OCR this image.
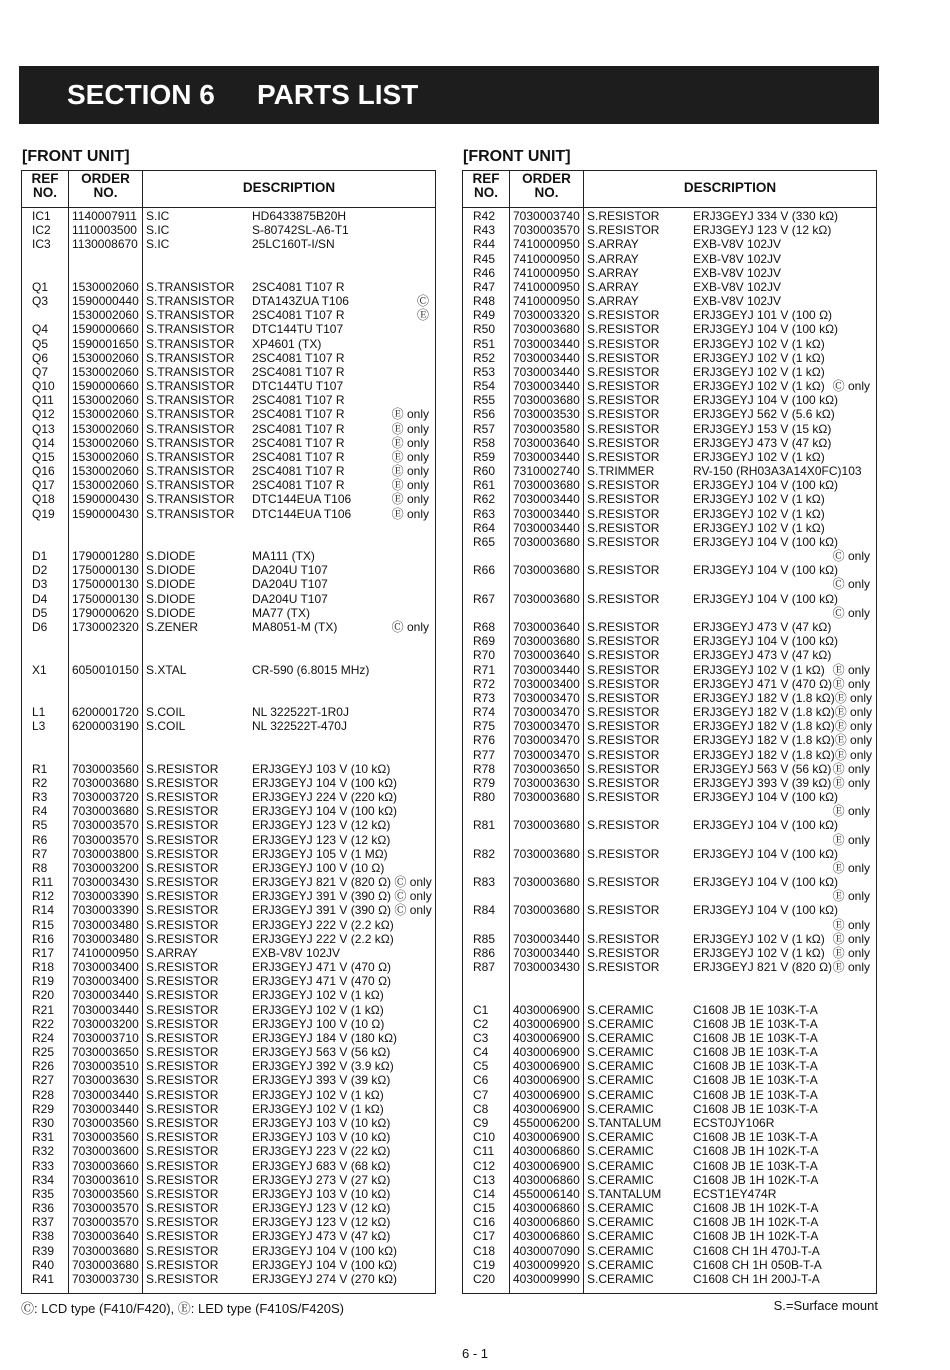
SECTION 6 PARTS LIST
[FRONT UNIT]	[FRONT UNIT]
REF
NO.
ORDER
NO.	DESCRIPTION
IC1 1140007911 S.IC	HD6433875B20H
IC2 1110003500 S.IC	S-80742SL-A6-T1
IC3 1130008670 S.IC	25LC160T-I/SN
Q1 1530002060 S.TRANSISTOR 2SC4081 T107 R
Q3 1590000440 S.TRANSISTOR DTA143ZUA T106	Ⓒ
1530002060 S.TRANSISTOR 2SC4081 T107 R	Ⓔ
Q4 1590000660 S.TRANSISTOR DTC144TU T107
Q5 1590001650 S.TRANSISTOR XP4601 (TX)
Q6 1530002060 S.TRANSISTOR 2SC4081 T107 R
Q7 1530002060 S.TRANSISTOR 2SC4081 T107 R
Q10 1590000660 S.TRANSISTOR DTC144TU T107
Q11 1530002060 S.TRANSISTOR 2SC4081 T107 R
Q12 1530002060 S.TRANSISTOR 2SC4081 T107 R	Ⓔ only
Q13 1530002060 S.TRANSISTOR 2SC4081 T107 R	Ⓔ only
Q14 1530002060 S.TRANSISTOR 2SC4081 T107 R	Ⓔ only
Q15 1530002060 S.TRANSISTOR 2SC4081 T107 R	Ⓔ only
Q16 1530002060 S.TRANSISTOR 2SC4081 T107 R	Ⓔ only
Q17 1530002060 S.TRANSISTOR 2SC4081 T107 R	Ⓔ only
Q18 1590000430 S.TRANSISTOR DTC144EUA T106	Ⓔ only
Q19 1590000430 S.TRANSISTOR DTC144EUA T106	Ⓔ only
D1 1790001280 S.DIODE	MA111 (TX)
D2 1750000130 S.DIODE	DA204U T107
D3 1750000130 S.DIODE	DA204U T107
D4 1750000130 S.DIODE	DA204U T107
D5 1790000620 S.DIODE	MA77 (TX)
D6 1730002320 S.ZENER	MA8051-M (TX)	Ⓒ only
X1 6050010150 S.XTAL	CR-590 (6.8015 MHz)
L1 6200001720 S.COIL	NL 322522T-1R0J
L3 6200003190 S.COIL	NL 322522T-470J
R1 7030003560 S.RESISTOR	ERJ3GEYJ 103 V (10 kΩ)
R2 7030003680 S.RESISTOR	ERJ3GEYJ 104 V (100 kΩ)
R3 7030003720 S.RESISTOR	ERJ3GEYJ 224 V (220 kΩ)
R4 7030003680 S.RESISTOR	ERJ3GEYJ 104 V (100 kΩ)
R5 7030003570 S.RESISTOR	ERJ3GEYJ 123 V (12 kΩ)
R6 7030003570 S.RESISTOR	ERJ3GEYJ 123 V (12 kΩ)
R7 7030003800 S.RESISTOR	ERJ3GEYJ 105 V (1 MΩ)
R8 7030003200 S.RESISTOR	ERJ3GEYJ 100 V (10 Ω)
R11 7030003430 S.RESISTOR	ERJ3GEYJ 821 V (820 Ω) Ⓒ only
R12 7030003390 S.RESISTOR	ERJ3GEYJ 391 V (390 Ω) Ⓒ only
R14 7030003390 S.RESISTOR	ERJ3GEYJ 391 V (390 Ω) Ⓒ only
R15 7030003480 S.RESISTOR	ERJ3GEYJ 222 V (2.2 kΩ)
R16 7030003480 S.RESISTOR	ERJ3GEYJ 222 V (2.2 kΩ)
R17 7410000950 S.ARRAY	EXB-V8V 102JV
R18 7030003400 S.RESISTOR	ERJ3GEYJ 471 V (470 Ω)
R19 7030003400 S.RESISTOR	ERJ3GEYJ 471 V (470 Ω)
R20 7030003440 S.RESISTOR	ERJ3GEYJ 102 V (1 kΩ)
R21 7030003440 S.RESISTOR	ERJ3GEYJ 102 V (1 kΩ)
R22 7030003200 S.RESISTOR	ERJ3GEYJ 100 V (10 Ω)
R24 7030003710 S.RESISTOR	ERJ3GEYJ 184 V (180 kΩ)
R25 7030003650 S.RESISTOR	ERJ3GEYJ 563 V (56 kΩ)
R26 7030003510 S.RESISTOR	ERJ3GEYJ 392 V (3.9 kΩ)
R27 7030003630 S.RESISTOR	ERJ3GEYJ 393 V (39 kΩ)
R28 7030003440 S.RESISTOR	ERJ3GEYJ 102 V (1 kΩ)
R29 7030003440 S.RESISTOR	ERJ3GEYJ 102 V (1 kΩ)
R30 7030003560 S.RESISTOR	ERJ3GEYJ 103 V (10 kΩ)
R31 7030003560 S.RESISTOR	ERJ3GEYJ 103 V (10 kΩ)
R32 7030003600 S.RESISTOR	ERJ3GEYJ 223 V (22 kΩ)
R33 7030003660 S.RESISTOR	ERJ3GEYJ 683 V (68 kΩ)
R34 7030003610 S.RESISTOR	ERJ3GEYJ 273 V (27 kΩ)
R35 7030003560 S.RESISTOR	ERJ3GEYJ 103 V (10 kΩ)
R36 7030003570 S.RESISTOR	ERJ3GEYJ 123 V (12 kΩ)
R37 7030003570 S.RESISTOR	ERJ3GEYJ 123 V (12 kΩ)
R38 7030003640 S.RESISTOR	ERJ3GEYJ 473 V (47 kΩ)
R39 7030003680 S.RESISTOR	ERJ3GEYJ 104 V (100 kΩ)
R40 7030003680 S.RESISTOR	ERJ3GEYJ 104 V (100 kΩ)
R41 7030003730 S.RESISTOR	ERJ3GEYJ 274 V (270 kΩ)
REF
NO.
ORDER
NO.	DESCRIPTION
R42 7030003740 S.RESISTOR	ERJ3GEYJ 334 V (330 kΩ)
R43 7030003570 S.RESISTOR	ERJ3GEYJ 123 V (12 kΩ)
R44 7410000950 S.ARRAY	EXB-V8V 102JV
R45 7410000950 S.ARRAY	EXB-V8V 102JV
R46 7410000950 S.ARRAY	EXB-V8V 102JV
R47 7410000950 S.ARRAY	EXB-V8V 102JV
R48 7410000950 S.ARRAY	EXB-V8V 102JV
R49 7030003320 S.RESISTOR	ERJ3GEYJ 101 V (100 Ω)
R50 7030003680 S.RESISTOR	ERJ3GEYJ 104 V (100 kΩ)
R51 7030003440 S.RESISTOR	ERJ3GEYJ 102 V (1 kΩ)
R52 7030003440 S.RESISTOR	ERJ3GEYJ 102 V (1 kΩ)
R53 7030003440 S.RESISTOR	ERJ3GEYJ 102 V (1 kΩ)
R54 7030003440 S.RESISTOR	ERJ3GEYJ 102 V (1 kΩ) Ⓒ only
R55 7030003680 S.RESISTOR	ERJ3GEYJ 104 V (100 kΩ)
R56 7030003530 S.RESISTOR	ERJ3GEYJ 562 V (5.6 kΩ)
R57 7030003580 S.RESISTOR	ERJ3GEYJ 153 V (15 kΩ)
R58 7030003640 S.RESISTOR	ERJ3GEYJ 473 V (47 kΩ)
R59 7030003440 S.RESISTOR	ERJ3GEYJ 102 V (1 kΩ)
R60 7310002740 S.TRIMMER	RV-150 (RH03A3A14X0FC)103
R61 7030003680 S.RESISTOR	ERJ3GEYJ 104 V (100 kΩ)
R62 7030003440 S.RESISTOR	ERJ3GEYJ 102 V (1 kΩ)
R63 7030003440 S.RESISTOR	ERJ3GEYJ 102 V (1 kΩ)
R64 7030003440 S.RESISTOR	ERJ3GEYJ 102 V (1 kΩ)
R65 7030003680 S.RESISTOR	ERJ3GEYJ 104 V (100 kΩ)
Ⓒ only
R66 7030003680 S.RESISTOR	ERJ3GEYJ 104 V (100 kΩ)
Ⓒ only
R67 7030003680 S.RESISTOR	ERJ3GEYJ 104 V (100 kΩ)
Ⓒ only
R68 7030003640 S.RESISTOR	ERJ3GEYJ 473 V (47 kΩ)
R69 7030003680 S.RESISTOR	ERJ3GEYJ 104 V (100 kΩ)
R70 7030003640 S.RESISTOR	ERJ3GEYJ 473 V (47 kΩ)
R71 7030003440 S.RESISTOR	ERJ3GEYJ 102 V (1 kΩ) Ⓔ only
R72 7030003400 S.RESISTOR	ERJ3GEYJ 471 V (470 Ω) Ⓔ only
R73 7030003470 S.RESISTOR	ERJ3GEYJ 182 V (1.8 kΩ)Ⓔ only
R74 7030003470 S.RESISTOR	ERJ3GEYJ 182 V (1.8 kΩ)Ⓔ only
R75 7030003470 S.RESISTOR	ERJ3GEYJ 182 V (1.8 kΩ)Ⓔ only
R76 7030003470 S.RESISTOR	ERJ3GEYJ 182 V (1.8 kΩ)Ⓔ only
R77 7030003470 S.RESISTOR	ERJ3GEYJ 182 V (1.8 kΩ)Ⓔ only
R78 7030003650 S.RESISTOR	ERJ3GEYJ 563 V (56 kΩ) Ⓔ only
R79 7030003630 S.RESISTOR	ERJ3GEYJ 393 V (39 kΩ) Ⓔ only
R80 7030003680 S.RESISTOR	ERJ3GEYJ 104 V (100 kΩ)
Ⓔ only
R81 7030003680 S.RESISTOR	ERJ3GEYJ 104 V (100 kΩ)
Ⓔ only
R82 7030003680 S.RESISTOR	ERJ3GEYJ 104 V (100 kΩ)
Ⓔ only
R83 7030003680 S.RESISTOR	ERJ3GEYJ 104 V (100 kΩ)
Ⓔ only
R84 7030003680 S.RESISTOR	ERJ3GEYJ 104 V (100 kΩ)
Ⓔ only
R85 7030003440 S.RESISTOR	ERJ3GEYJ 102 V (1 kΩ) Ⓔ only
R86 7030003440 S.RESISTOR	ERJ3GEYJ 102 V (1 kΩ) Ⓔ only
R87 7030003430 S.RESISTOR	ERJ3GEYJ 821 V (820 Ω) Ⓔ only
C1 4030006900 S.CERAMIC	C1608 JB 1E 103K-T-A
C2 4030006900 S.CERAMIC	C1608 JB 1E 103K-T-A
C3 4030006900 S.CERAMIC	C1608 JB 1E 103K-T-A
C4 4030006900 S.CERAMIC	C1608 JB 1E 103K-T-A
C5 4030006900 S.CERAMIC	C1608 JB 1E 103K-T-A
C6 4030006900 S.CERAMIC	C1608 JB 1E 103K-T-A
C7 4030006900 S.CERAMIC	C1608 JB 1E 103K-T-A
C8 4030006900 S.CERAMIC	C1608 JB 1E 103K-T-A
C9 4550006200 S.TANTALUM	ECST0JY106R
C10 4030006900 S.CERAMIC	C1608 JB 1E 103K-T-A
C11 4030006860 S.CERAMIC	C1608 JB 1H 102K-T-A
C12 4030006900 S.CERAMIC	C1608 JB 1E 103K-T-A
C13 4030006860 S.CERAMIC	C1608 JB 1H 102K-T-A
C14 4550006140 S.TANTALUM	ECST1EY474R
C15 4030006860 S.CERAMIC	C1608 JB 1H 102K-T-A
C16 4030006860 S.CERAMIC	C1608 JB 1H 102K-T-A
C17 4030006860 S.CERAMIC	C1608 JB 1H 102K-T-A
C18 4030007090 S.CERAMIC	C1608 CH 1H 470J-T-A
C19 4030009920 S.CERAMIC	C1608 CH 1H 050B-T-A
C20 4030009990 S.CERAMIC	C1608 CH 1H 200J-T-A
Ⓒ: LCD type (F410/F420), Ⓔ: LED type (F410S/F420S)	S.=Surface mount
6 - 1
